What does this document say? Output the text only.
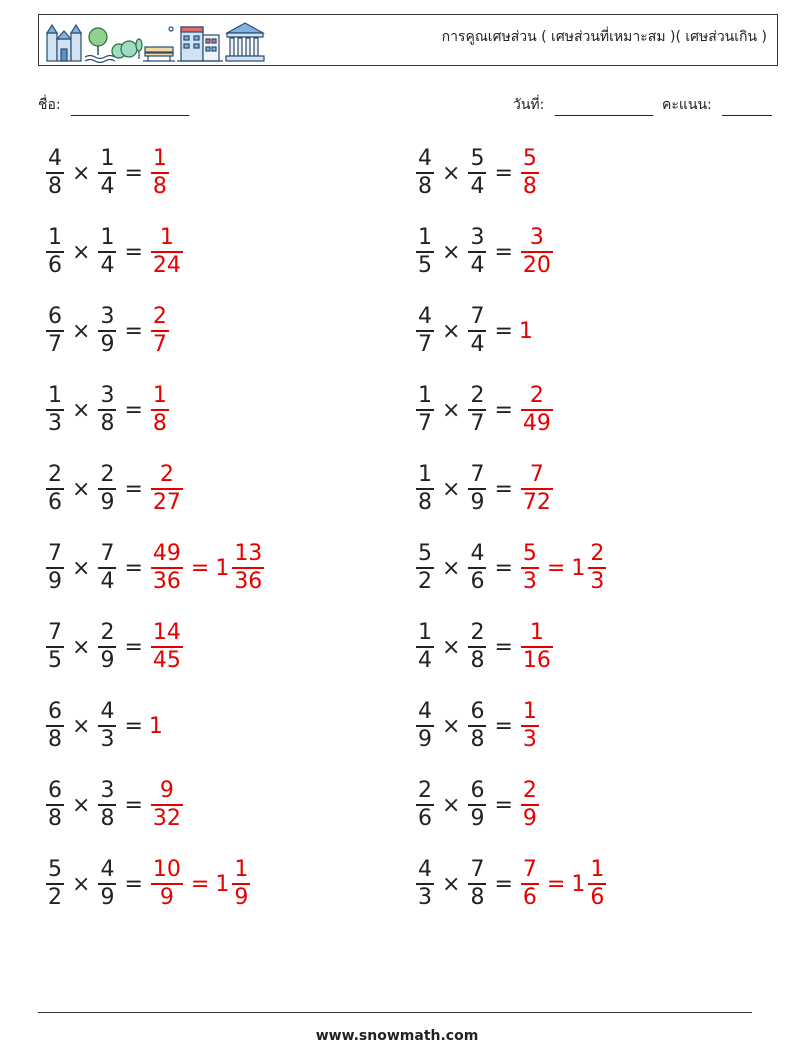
การคูณเศษส่วน ( เศษส่วนที่เหมาะสม )( เศษส่วนเกิน )
ชื่อ:	วันที่:	คะแนน:
$\frac{4}{8} \times \frac{1}{4} = \frac{1}{8}$
$\frac{1}{6} \times \frac{1}{4} = \frac{1}{24}$
$\frac{6}{7} \times \frac{3}{9} = \frac{2}{7}$
$\frac{1}{3} \times \frac{3}{8} = \frac{1}{8}$
$\frac{2}{6} \times \frac{2}{9} = \frac{2}{27}$
$\frac{7}{9} \times \frac{7}{4} = \frac{49}{36} = 1 \frac{13}{36}$
$\frac{7}{5} \times \frac{2}{9} = \frac{14}{45}$
$\frac{6}{8} \times \frac{4}{3} = 1$
$\frac{6}{8} \times \frac{3}{8} = \frac{9}{32}$
$\frac{5}{2} \times \frac{4}{9} = \frac{10}{9} = 1 \frac{1}{9}$
$\frac{4}{8} \times \frac{5}{4} = \frac{5}{8}$
$\frac{1}{5} \times \frac{3}{4} = \frac{3}{20}$
$\frac{4}{7} \times \frac{7}{4} = 1$
$\frac{1}{7} \times \frac{2}{7} = \frac{2}{49}$
$\frac{1}{8} \times \frac{7}{9} = \frac{7}{72}$
$\frac{5}{2} \times \frac{4}{6} = \frac{5}{3} = 1 \frac{2}{3}$
$\frac{1}{4} \times \frac{2}{8} = \frac{1}{16}$
$\frac{4}{9} \times \frac{6}{8} = \frac{1}{3}$
$\frac{2}{6} \times \frac{6}{9} = \frac{2}{9}$
$\frac{4}{3} \times \frac{7}{8} = \frac{7}{6} = 1 \frac{1}{6}$
www.snowmath.com
